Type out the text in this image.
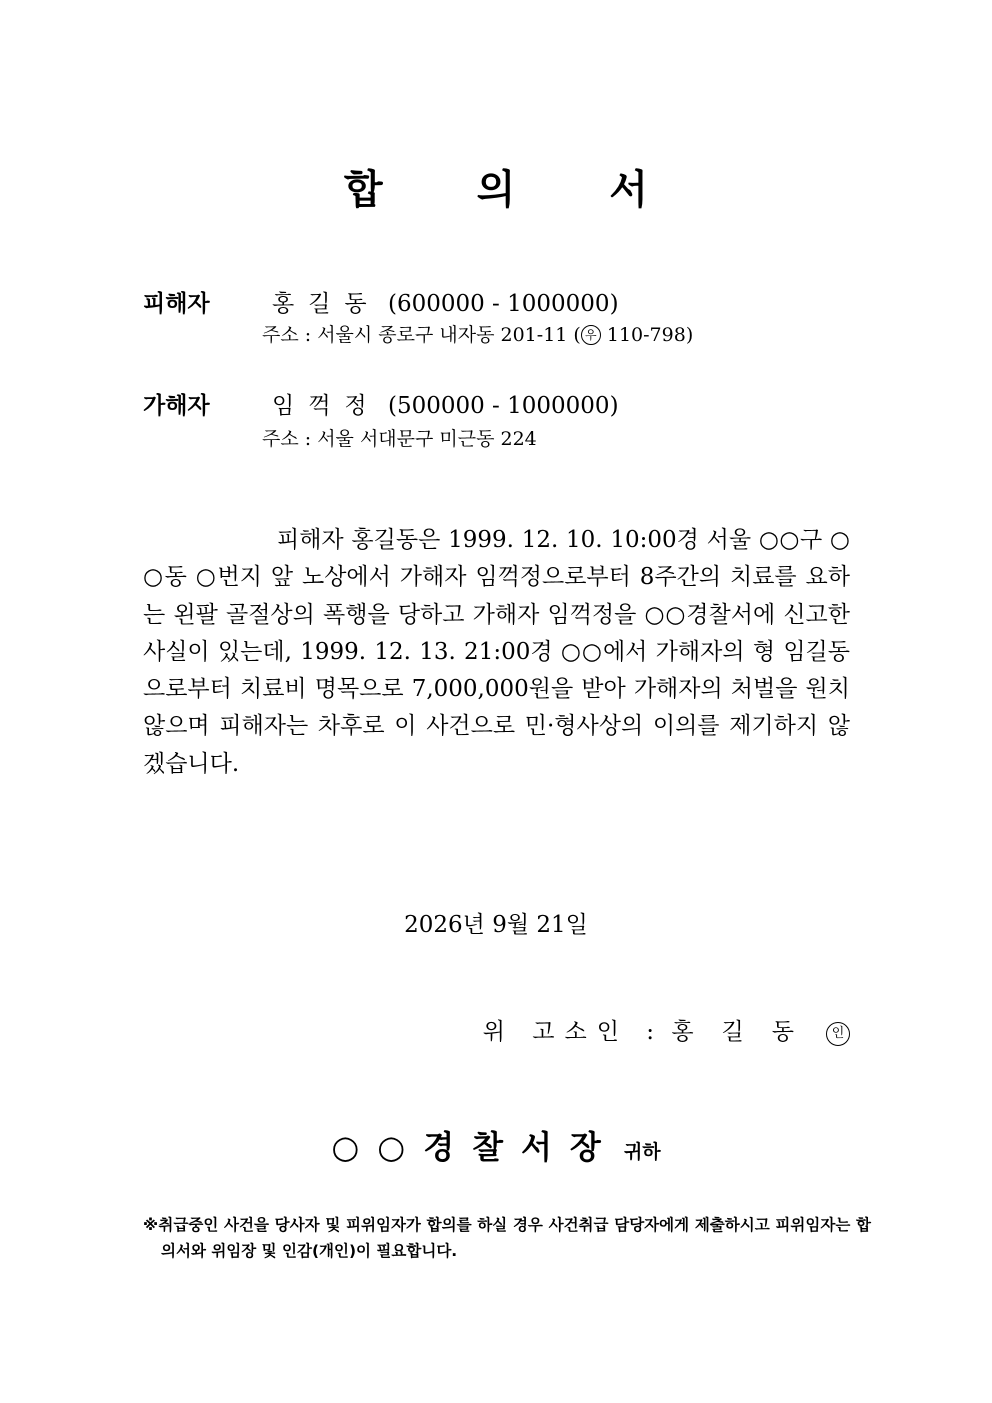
합의서
피해자	홍길동 (600000 - 1000000)
주소 : 서울시 종로구 내자동 201-11 ( 우 110-798)
가해자	임꺽정 (500000 - 1000000)
주소 : 서울 서대문구 미근동 224
피해자 홍길동은 1999. 12. 10. 10:00경 서울 ○○구 ○○동 ○번지 앞 노상에서 가해자 임꺽정으로부터 8주간의 치료를 요하는 왼팔 골절상의 폭행을 당하고 가해자 임꺽정을 ○○경찰서에 신고한 사실이 있는데, 1999. 12. 13. 21:00경 ○○에서 가해자의 형 임길동으로부터 치료비 명목으로 7,000,000원을 받아 가해자의 처벌을 원치 않으며 피해자는 차후로 이 사건으로 민·형사상의 이의를 제기하지 않겠습니다.
2026년 9월 21일
위 고소인 : 홍길동 인
○○경찰서장 귀하
※취급중인 사건을 당사자 및 피위임자가 합의를 하실 경우 사건취급 담당자에게 제출하시고 피위임자는 합의서와 위임장 및 인감(개인)이 필요합니다.
